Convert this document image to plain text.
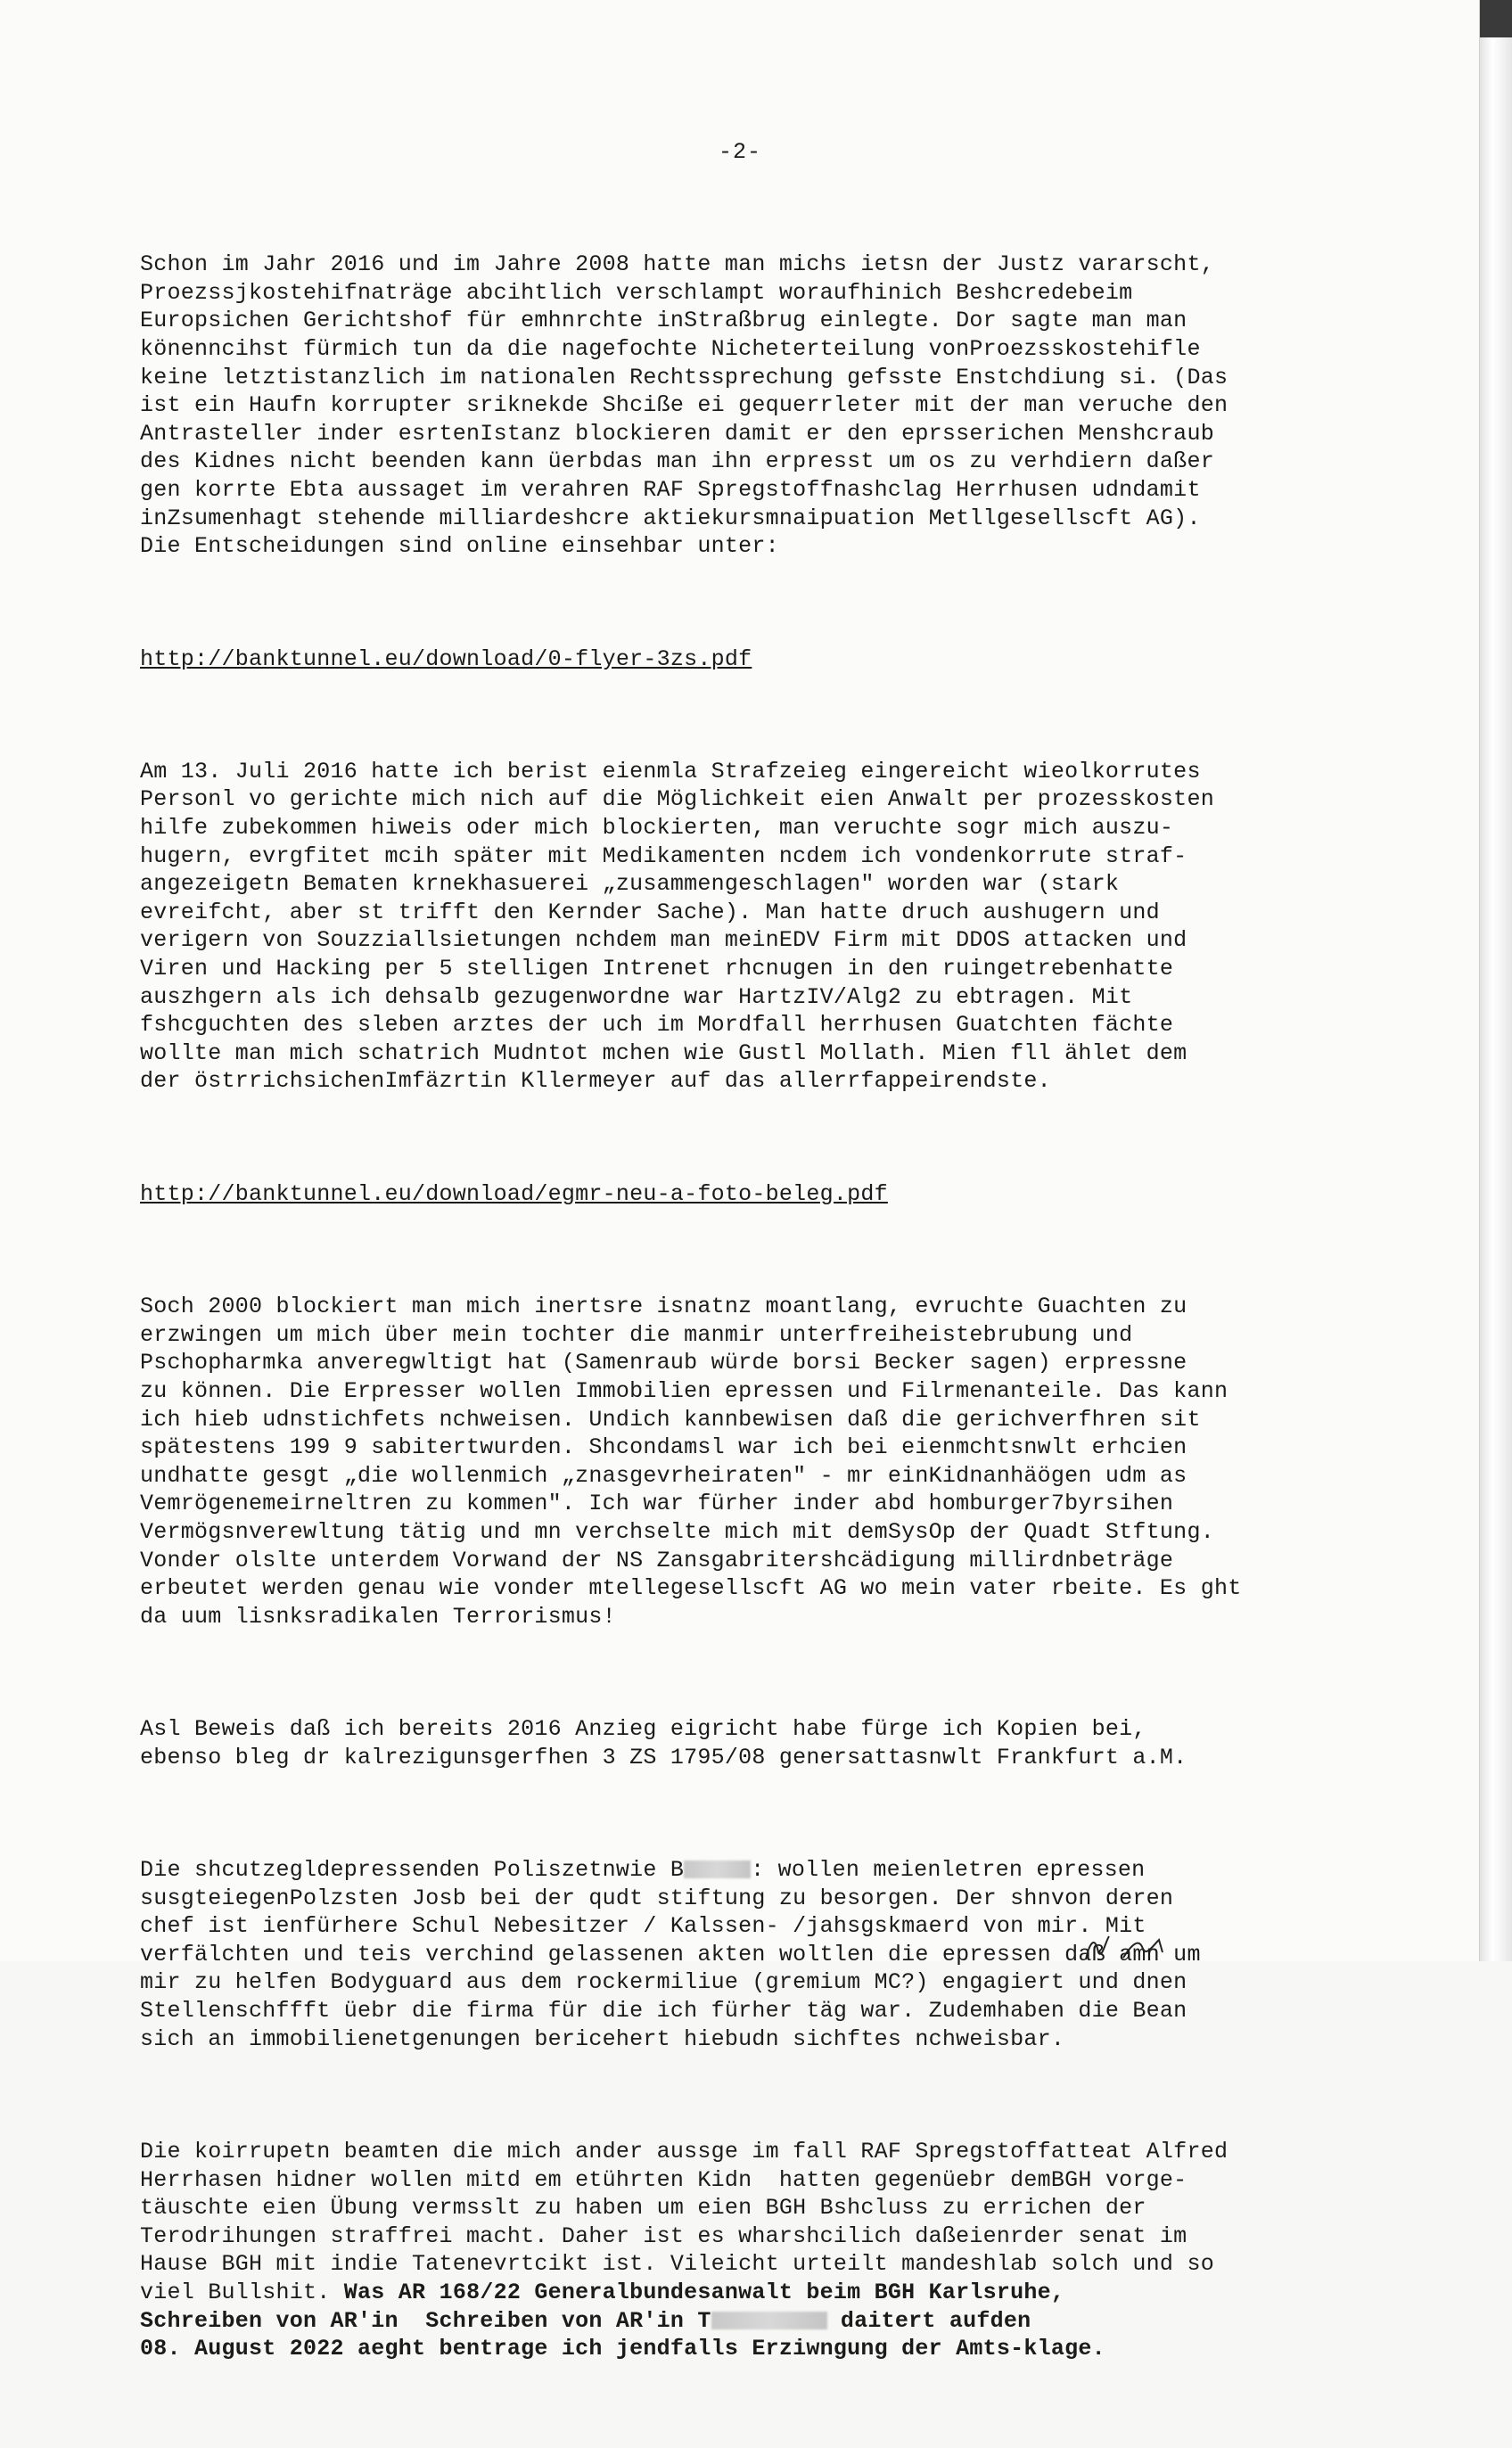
-2-

Schon im Jahr 2016 und im Jahre 2008 hatte man michs ietsn der Justz vararscht,
Proezssjkostehifnaträge abcihtlich verschlampt woraufhinich Beshcredebeim
Europsichen Gerichtshof für emhnrchte inStraßbrug einlegte. Dor sagte man man
könenncihst fürmich tun da die nagefochte Nicheterteilung vonProezsskostehifle
keine letztistanzlich im nationalen Rechtssprechung gefsste Enstchdiung si. (Das
ist ein Haufn korrupter sriknekde Shciße ei gequerrleter mit der man veruche den
Antrasteller inder esrtenIstanz blockieren damit er den eprsserichen Menshcraub
des Kidnes nicht beenden kann üerbdas man ihn erpresst um os zu verhdiern daßer
gen korrte Ebta aussaget im verahren RAF Spregstoffnashclag Herrhusen udndamit
inZsumenhagt stehende milliardeshcre aktiekursmnaipuation Metllgesellscft AG).
Die Entscheidungen sind online einsehbar unter:

http://banktunnel.eu/download/0-flyer-3zs.pdf

Am 13. Juli 2016 hatte ich berist eienmla Strafzeieg eingereicht wieolkorrutes
Personl vo gerichte mich nich auf die Möglichkeit eien Anwalt per prozesskosten
hilfe zubekommen hiweis oder mich blockierten, man veruchte sogr mich auszu-
hugern, evrgfitet mcih später mit Medikamenten ncdem ich vondenkorrute straf-
angezeigetn Bematen krnekhasuerei „zusammengeschlagen" worden war (stark
evreifcht, aber st trifft den Kernder Sache). Man hatte druch aushugern und
verigern von Souzziallsietungen nchdem man meinEDV Firm mit DDOS attacken und
Viren und Hacking per 5 stelligen Intrenet rhcnugen in den ruingetrebenhatte
auszhgern als ich dehsalb gezugenwordne war HartzIV/Alg2 zu ebtragen. Mit
fshcguchten des sleben arztes der uch im Mordfall herrhusen Guatchten fächte
wollte man mich schatrich Mudntot mchen wie Gustl Mollath. Mien fll ählet dem
der östrrichsichenImfäzrtin Kllermeyer auf das allerrfappeirendste.

http://banktunnel.eu/download/egmr-neu-a-foto-beleg.pdf

Soch 2000 blockiert man mich inertsre isnatnz moantlang, evruchte Guachten zu
erzwingen um mich über mein tochter die manmir unterfreiheistebrubung und
Pschopharmka anveregwltigt hat (Samenraub würde borsi Becker sagen) erpressne
zu können. Die Erpresser wollen Immobilien epressen und Filrmenanteile. Das kann
ich hieb udnstichfets nchweisen. Undich kannbewisen daß die gerichverfhren sit
spätestens 199 9 sabitertwurden. Shcondamsl war ich bei eienmchtsnwlt erhcien
undhatte gesgt „die wollenmich „znasgevrheiraten" - mr einKidnanhäögen udm as
Vemrögenemeirneltren zu kommen". Ich war fürher inder abd homburger7byrsihen
Vermögsnverewltung tätig und mn verchselte mich mit demSysOp der Quadt Stftung.
Vonder olslte unterdem Vorwand der NS Zansgabritershcädigung millirdnbeträge
erbeutet werden genau wie vonder mtellegesellscft AG wo mein vater rbeite. Es ght
da uum lisnksradikalen Terrorismus!

Asl Beweis daß ich bereits 2016 Anzieg eigricht habe fürge ich Kopien bei,
ebenso bleg dr kalrezigunsgerfhen 3 ZS 1795/08 genersattasnwlt Frankfurt a.M.

Die shcutzegldepressenden Poliszetnwie B	: wollen meienletren epressen
susgteiegenPolzsten Josb bei der qudt stiftung zu besorgen. Der shnvon deren
chef ist ienfürhere Schul Nebesitzer / Kalssen- /jahsgskmaerd von mir. Mit
verfälchten und teis verchind gelassenen akten woltlen die epressen daß amn um
mir zu helfen Bodyguard aus dem rockermiliue (gremium MC?) engagiert und dnen
Stellenschffft üebr die firma für die ich fürher täg war. Zudemhaben die Bean
sich an immobilienetgenungen bericehert hiebudn sichftes nchweisbar.

Die koirrupetn beamten die mich ander aussge im fall RAF Spregstoffatteat Alfred
Herrhasen hidner wollen mitd em etührten Kidn  hatten gegenüebr demBGH vorge-
täuschte eien Übung vermsslt zu haben um eien BGH Bshcluss zu errichen der
Terodrihungen straffrei macht. Daher ist es wharshcilich daßeienrder senat im
Hause BGH mit indie Tatenevrtcikt ist. Vileicht urteilt mandeshlab solch und so
viel Bullshit. Was AR 168/22 Generalbundesanwalt beim BGH Karlsruhe,
Schreiben von AR'in  Schreiben von AR'in T	daitert aufden
08. August 2022 aeght bentrage ich jendfalls Erziwngung der Amts-klage.
